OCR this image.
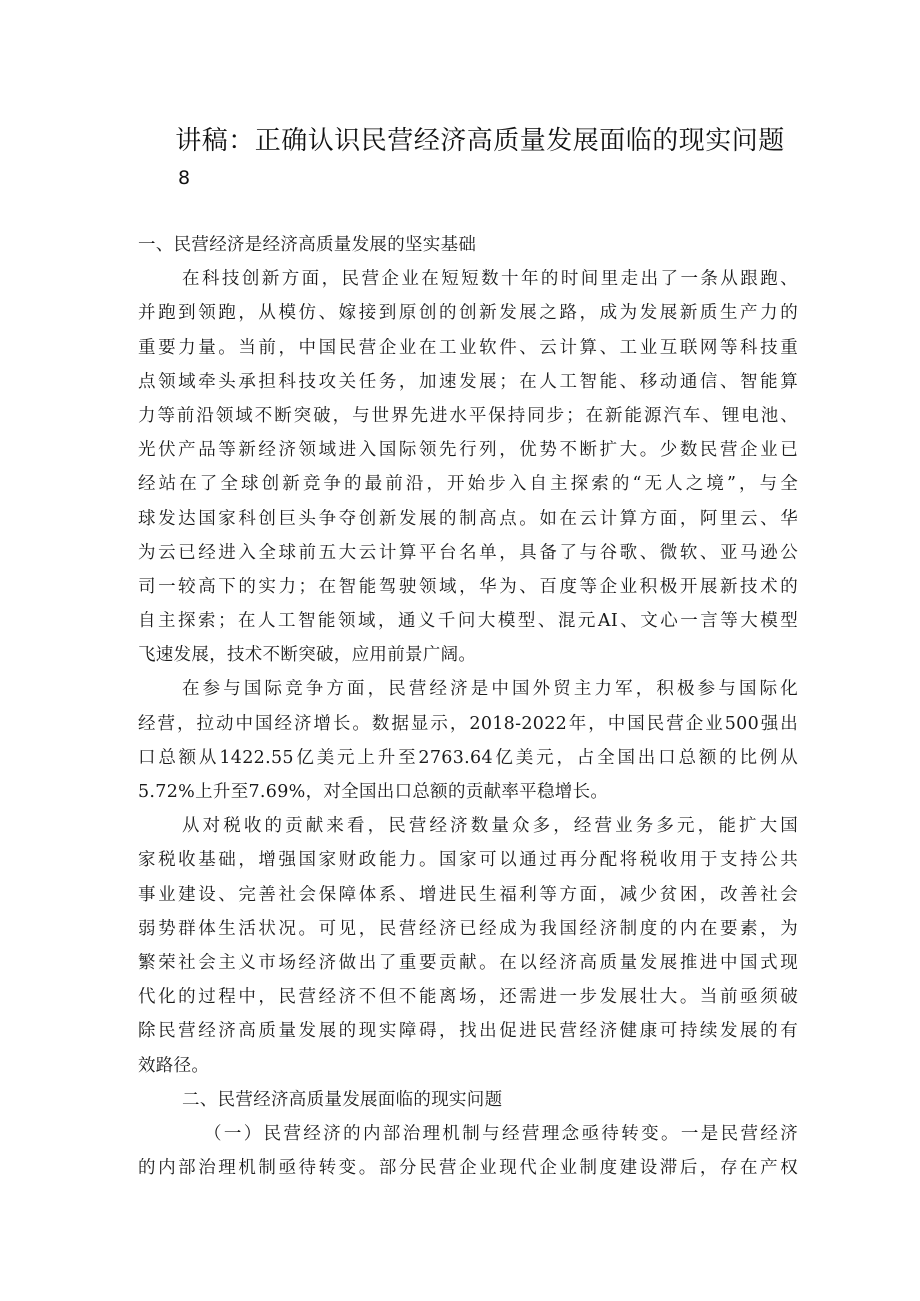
讲稿：正确认识民营经济高质量发展面临的现实问题
8
一、民营经济是经济高质量发展的坚实基础
在科技创新方面，民营企业在短短数十年的时间里走出了一条从跟跑、
并跑到领跑，从模仿、嫁接到原创的创新发展之路，成为发展新质生产力的
重要力量。当前，中国民营企业在工业软件、云计算、工业互联网等科技重
点领域牵头承担科技攻关任务，加速发展；在人工智能、移动通信、智能算
力等前沿领域不断突破，与世界先进水平保持同步；在新能源汽车、锂电池、
光伏产品等新经济领域进入国际领先行列，优势不断扩大。少数民营企业已
经站在了全球创新竞争的最前沿，开始步入自主探索的“无人之境”，与全
球发达国家科创巨头争夺创新发展的制高点。如在云计算方面，阿里云、华
为云已经进入全球前五大云计算平台名单，具备了与谷歌、微软、亚马逊公
司一较高下的实力；在智能驾驶领域，华为、百度等企业积极开展新技术的
自主探索；在人工智能领域，通义千问大模型、混元AI、文心一言等大模型
飞速发展，技术不断突破，应用前景广阔。
在参与国际竞争方面，民营经济是中国外贸主力军，积极参与国际化
经营，拉动中国经济增长。数据显示，2018-2022年，中国民营企业500强出
口总额从1422.55亿美元上升至2763.64亿美元，占全国出口总额的比例从
5.72%上升至7.69%，对全国出口总额的贡献率平稳增长。
从对税收的贡献来看，民营经济数量众多，经营业务多元，能扩大国
家税收基础，增强国家财政能力。国家可以通过再分配将税收用于支持公共
事业建设、完善社会保障体系、增进民生福利等方面，减少贫困，改善社会
弱势群体生活状况。可见，民营经济已经成为我国经济制度的内在要素，为
繁荣社会主义市场经济做出了重要贡献。在以经济高质量发展推进中国式现
代化的过程中，民营经济不但不能离场，还需进一步发展壮大。当前亟须破
除民营经济高质量发展的现实障碍，找出促进民营经济健康可持续发展的有
效路径。
二、民营经济高质量发展面临的现实问题
（一）民营经济的内部治理机制与经营理念亟待转变。一是民营经济
的内部治理机制亟待转变。部分民营企业现代企业制度建设滞后，存在产权
